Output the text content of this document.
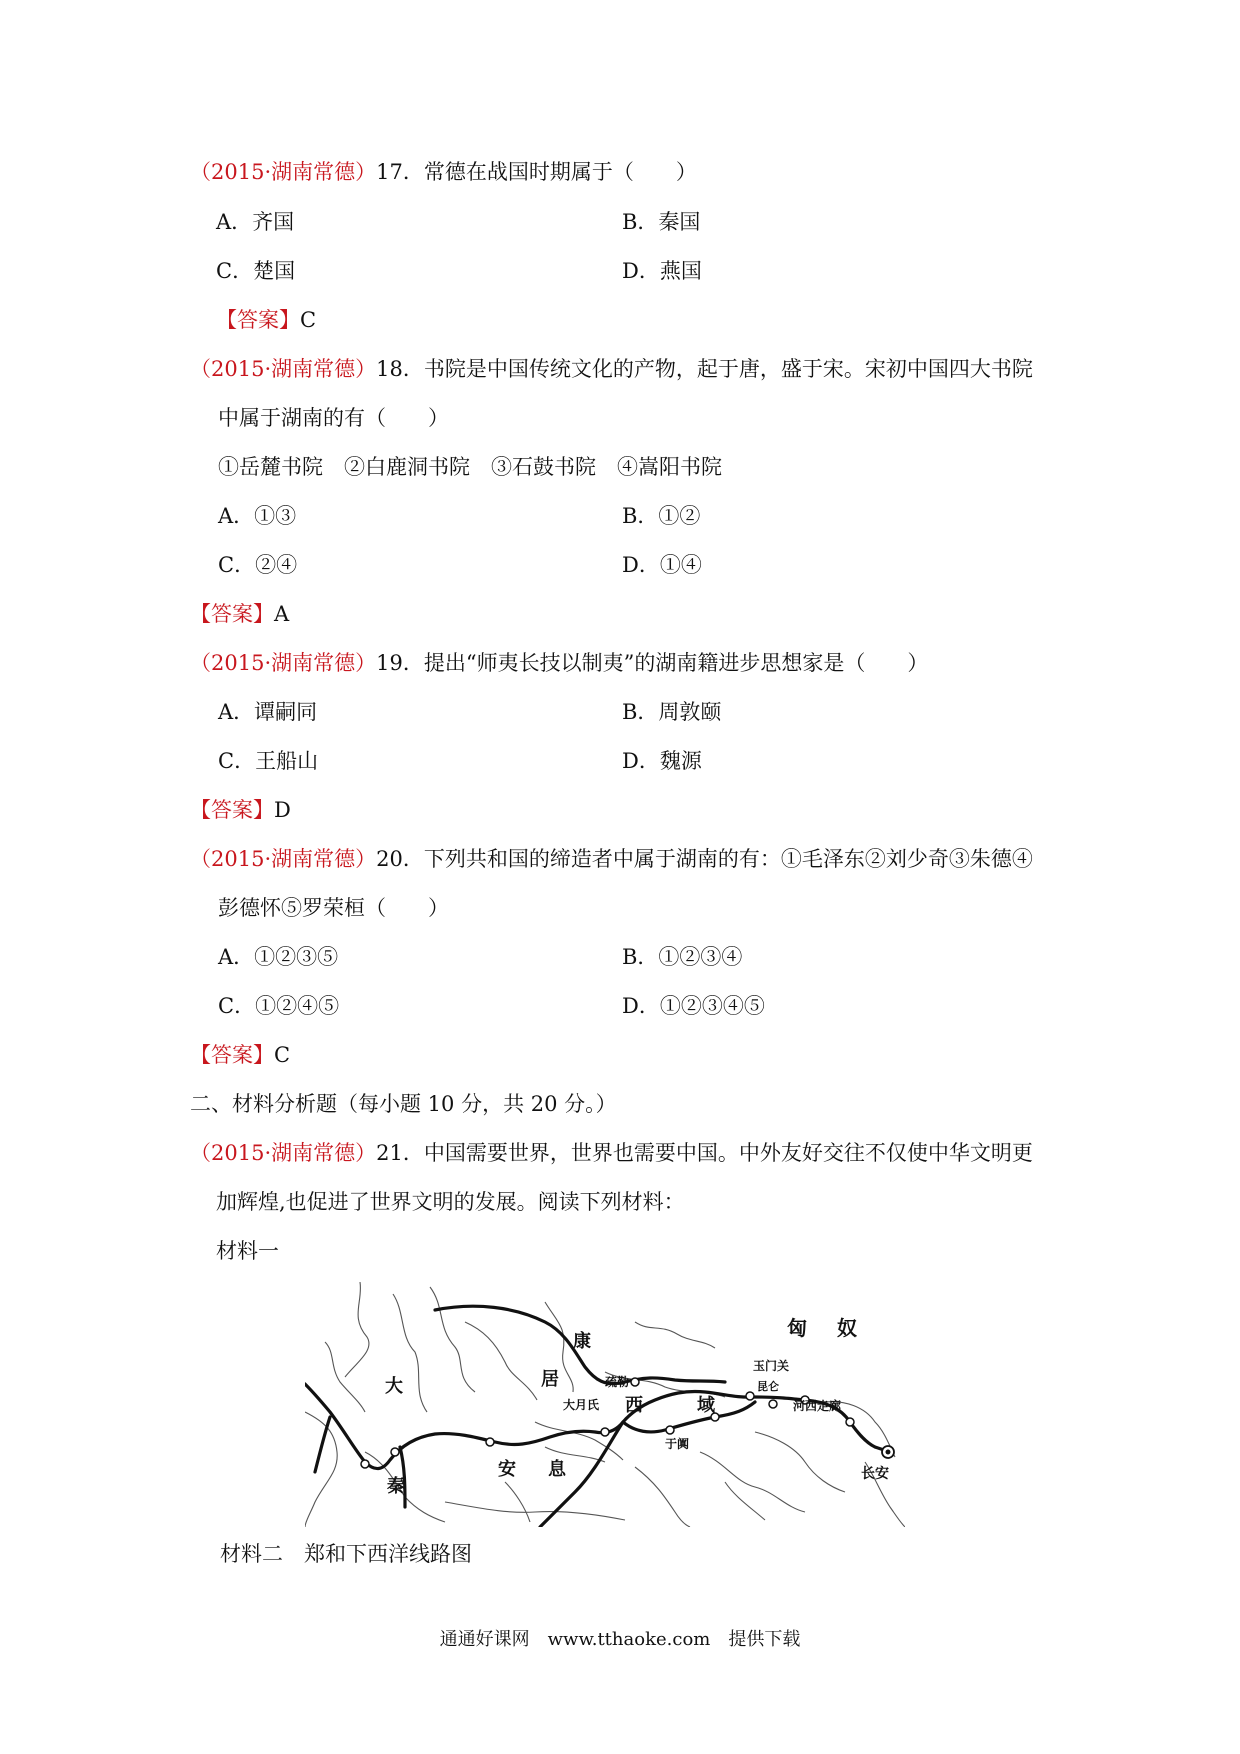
（2015·湖南常德）17．常德在战国时期属于（　　）
A．齐国	B．秦国
C．楚国	D．燕国
【答案】C
（2015·湖南常德）18．书院是中国传统文化的产物，起于唐，盛于宋。宋初中国四大书院
中属于湖南的有（　　）
①岳麓书院　②白鹿洞书院　③石鼓书院　④嵩阳书院
A．①③	B．①②
C．②④	D．①④
【答案】A
（2015·湖南常德）19．提出“师夷长技以制夷”的湖南籍进步思想家是（　　）
A．谭嗣同	B．周敦颐
C．王船山	D．魏源
【答案】D
（2015·湖南常德）20．下列共和国的缔造者中属于湖南的有：①毛泽东②刘少奇③朱德④
彭德怀⑤罗荣桓（　　）
A．①②③⑤	B．①②③④
C．①②④⑤	D．①②③④⑤
【答案】C
二、材料分析题（每小题 10 分，共 20 分。）
（2015·湖南常德）21．中国需要世界，世界也需要中国。中外友好交往不仅使中华文明更
加辉煌,也促进了世界文明的发展。阅读下列材料：
材料一
匈 奴
康
居
大
秦
安 息
西	域
玉门关
疏勒
大月氏
于阗
河西走廊
长安
昆仑
材料二　郑和下西洋线路图
通通好课网　www.tthaoke.com　提供下载
